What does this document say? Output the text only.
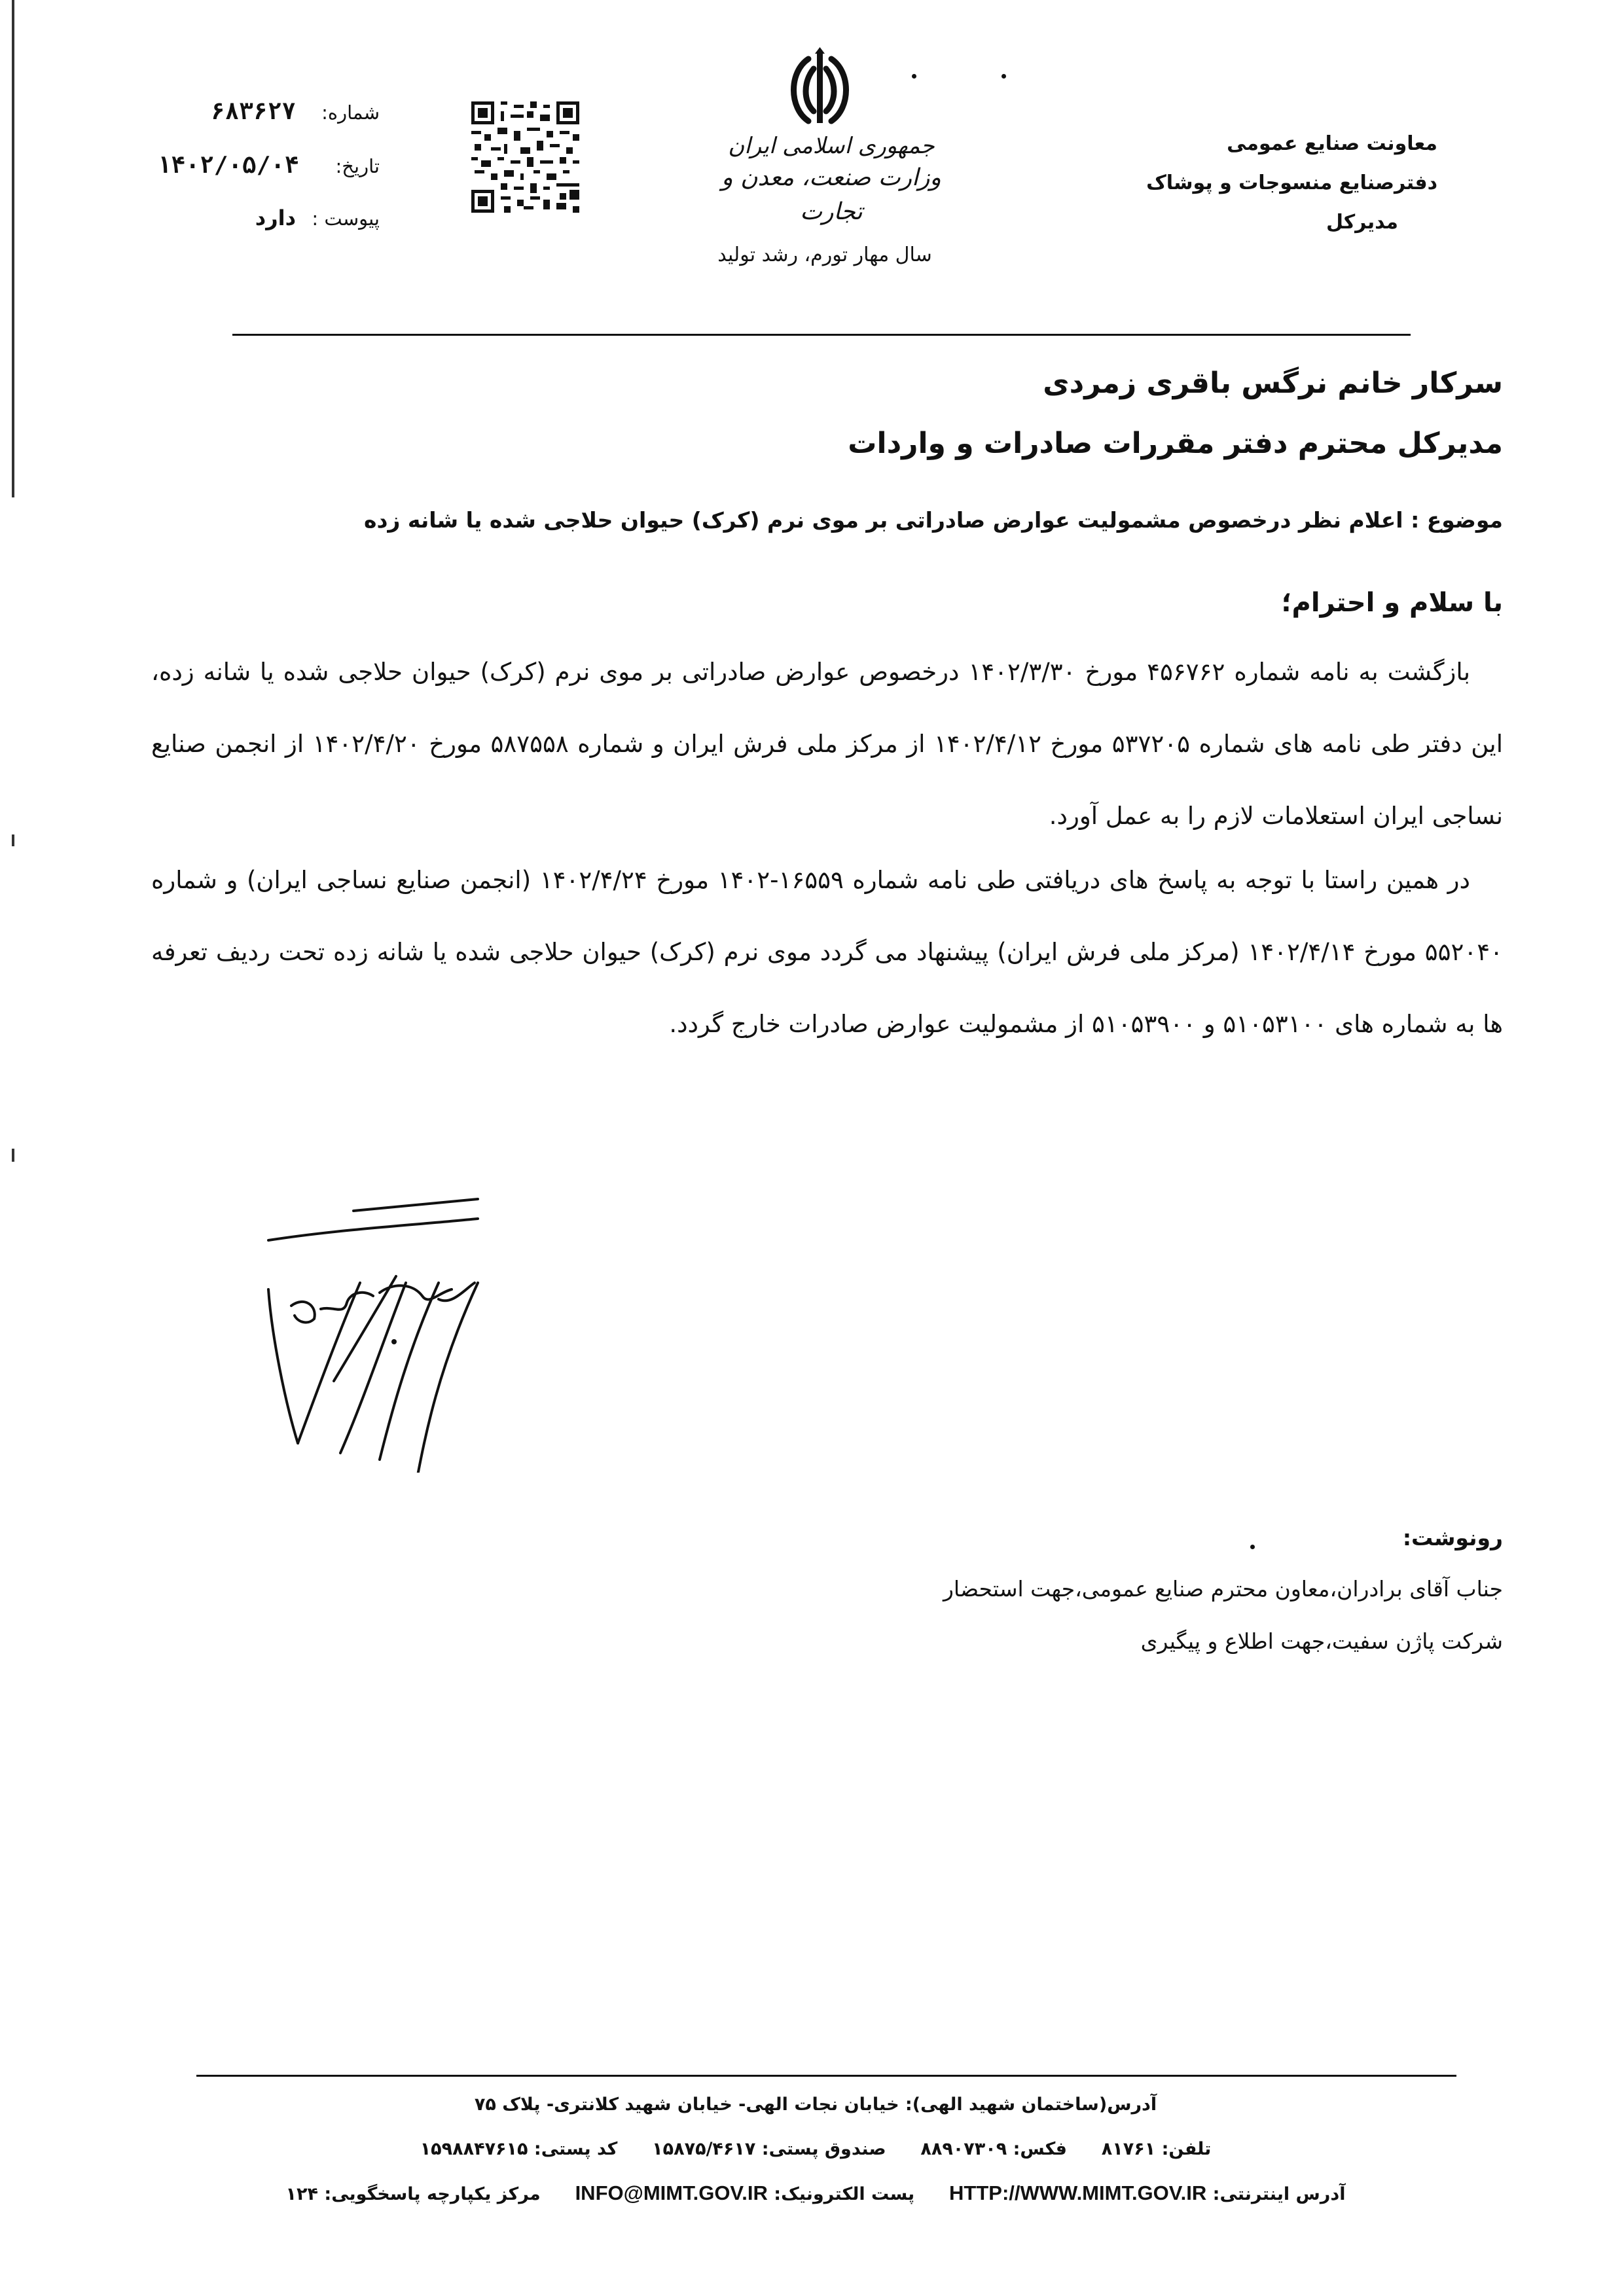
معاونت صنایع عمومی
دفترصنایع منسوجات و پوشاک
مدیرکل
جمهوری اسلامی ایران
وزارت صنعت، معدن و تجارت
سال مهار تورم، رشد تولید
شماره:
۶۸۳۶۲۷
تاریخ:
۱۴۰۲/۰۵/۰۴
پیوست :
دارد
سرکار خانم نرگس باقری زمردی
مدیرکل محترم دفتر مقررات صادرات و واردات
موضوع : اعلام نظر درخصوص مشمولیت عوارض صادراتی بر موی نرم (کرک) حیوان حلاجی شده یا شانه زده
با سلام و احترام؛
بازگشت به نامه شماره ۴۵۶۷۶۲ مورخ ۱۴۰۲/۳/۳۰ درخصوص عوارض صادراتی بر موی نرم (کرک) حیوان حلاجی شده یا شانه زده، این دفتر طی نامه های شماره ۵۳۷۲۰۵ مورخ ۱۴۰۲/۴/۱۲ از مرکز ملی فرش ایران و شماره ۵۸۷۵۵۸ مورخ ۱۴۰۲/۴/۲۰ از انجمن صنایع نساجی ایران استعلامات لازم را به عمل آورد.
در همین راستا با توجه به پاسخ های دریافتی طی نامه شماره ۱۶۵۵۹-۱۴۰۲ مورخ ۱۴۰۲/۴/۲۴ (انجمن صنایع نساجی ایران) و شماره ۵۵۲۰۴۰ مورخ ۱۴۰۲/۴/۱۴ (مرکز ملی فرش ایران) پیشنهاد می گردد موی نرم (کرک) حیوان حلاجی شده یا شانه زده تحت ردیف تعرفه ها به شماره های ۵۱۰۵۳۱۰۰ و ۵۱۰۵۳۹۰۰ از مشمولیت عوارض صادرات خارج گردد.
رونوشت:
جناب آقای برادران،معاون محترم صنایع عمومی،جهت استحضار
شرکت پاژن سفیت،جهت اطلاع و پیگیری
آدرس(ساختمان شهید الهی): خیابان نجات الهی- خیابان شهید کلانتری- پلاک ۷۵
تلفن: ۸۱۷۶۱  فکس: ۸۸۹۰۷۳۰۹  صندوق پستی: ۱۵۸۷۵/۴۶۱۷  کد پستی: ۱۵۹۸۸۴۷۶۱۵
آدرس اینترنتی: HTTP://WWW.MIMT.GOV.IR  پست الکترونیک: INFO@MIMT.GOV.IR  مرکز یکپارچه پاسخگویی: ۱۲۴
